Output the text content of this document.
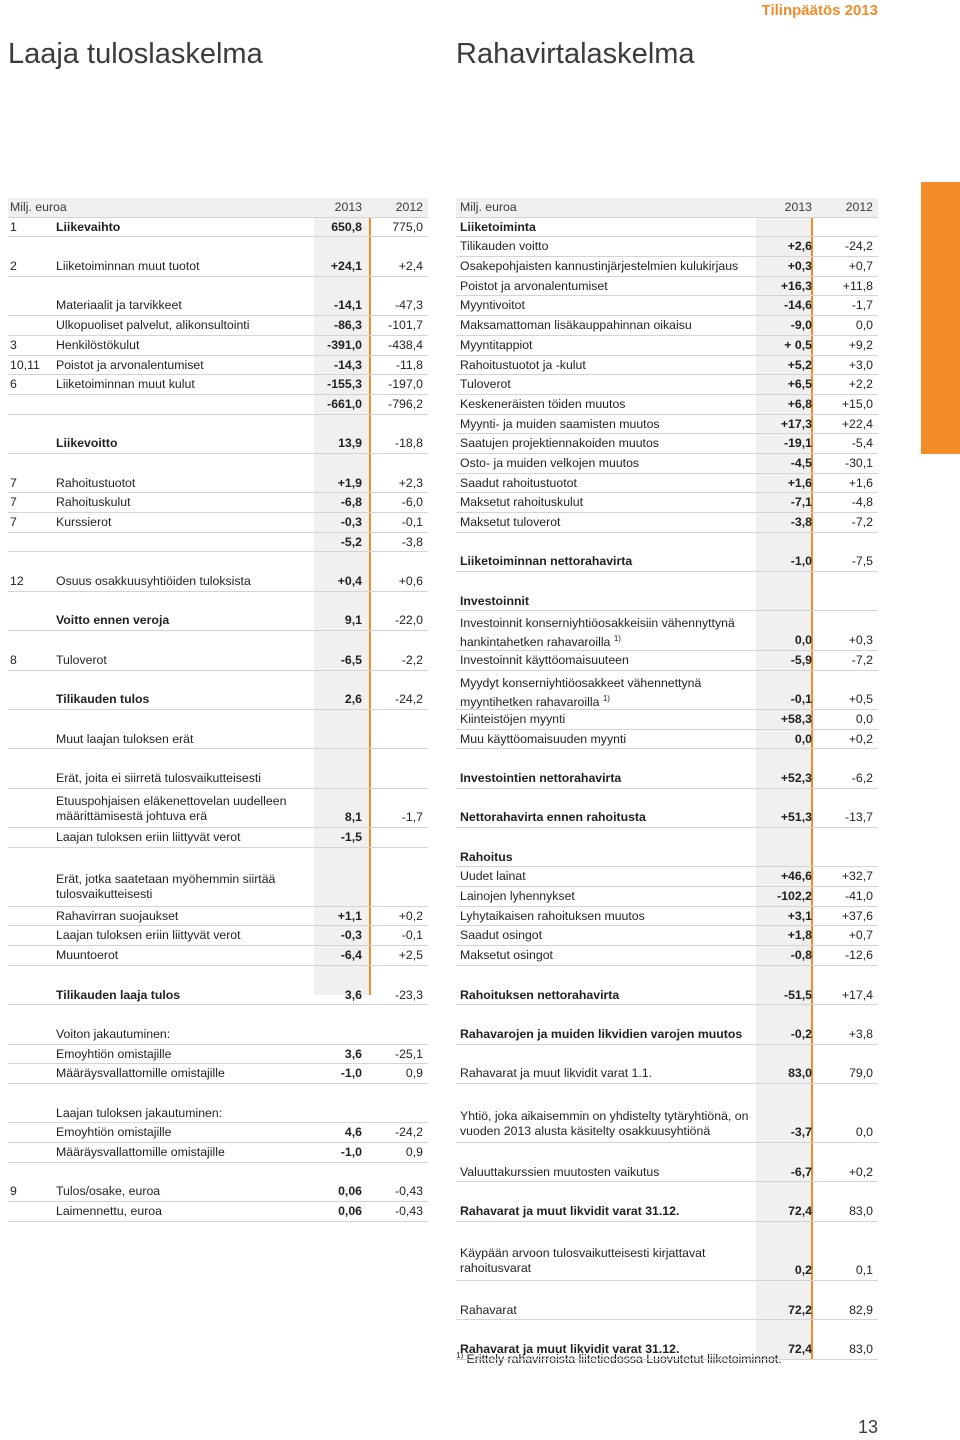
Tilinpäätös 2013
Laaja tuloslaskelma	Rahavirtalaskelma
Milj. euroa	2013	2012
1	Liikevaihto	650,8 775,0
2	Liiketoiminnan muut tuotot	+24,1	+2,4
Materiaalit ja tarvikkeet	-14,1	-47,3
Ulkopuoliset palvelut, alikonsultointi	-86,3 -101,7
3	Henkilöstökulut	-391,0 -438,4
10,11	Poistot ja arvonalentumiset	-14,3	-11,8
6	Liiketoiminnan muut kulut	-155,3 -197,0
-661,0 -796,2
Liikevoitto	13,9	-18,8
7	Rahoitustuotot	+1,9	+2,3
7	Rahoituskulut	-6,8	-6,0
7	Kurssierot	-0,3	-0,1
-5,2	-3,8
12	Osuus osakkuusyhtiöiden tuloksista	+0,4	+0,6
Voitto ennen veroja	9,1	-22,0
8	Tuloverot	-6,5	-2,2
Tilikauden tulos	2,6	-24,2
Muut laajan tuloksen erät
Erät, joita ei siirretä tulosvaikutteisesti
Etuuspohjaisen eläkenettovelan uudelleen määrittämisestä johtuva erä	8,1	-1,7
Laajan tuloksen eriin liittyvät verot	-1,5
Erät, jotka saatetaan myöhemmin siirtää tulosvaikutteisesti
Rahavirran suojaukset	+1,1	+0,2
Laajan tuloksen eriin liittyvät verot	-0,3	-0,1
Muuntoerot	-6,4	+2,5
Tilikauden laaja tulos	3,6	-23,3
Voiton jakautuminen:
Emoyhtiön omistajille	3,6	-25,1
Määräysvallattomille omistajille	-1,0	0,9
Laajan tuloksen jakautuminen:
Emoyhtiön omistajille	4,6	-24,2
Määräysvallattomille omistajille	-1,0	0,9
9	Tulos/osake, euroa	0,06	-0,43
Laimennettu, euroa	0,06	-0,43
Milj. euroa	2013	2012
Liiketoiminta
Tilikauden voitto	+2,6	-24,2
Osakepohjaisten kannustinjärjestelmien kulukirjaus	+0,3	+0,7
Poistot ja arvonalentumiset	+16,3	+11,8
Myyntivoitot	-14,6	-1,7
Maksamattoman lisäkauppahinnan oikaisu	-9,0	0,0
Myyntitappiot	+ 0,5	+9,2
Rahoitustuotot ja -kulut	+5,2	+3,0
Tuloverot	+6,5	+2,2
Keskeneräisten töiden muutos	+6,8 +15,0
Myynti- ja muiden saamisten muutos	+17,3 +22,4
Saatujen projektiennakoiden muutos	-19,1	-5,4
Osto- ja muiden velkojen muutos	-4,5	-30,1
Saadut rahoitustuotot	+1,6	+1,6
Maksetut rahoituskulut	-7,1	-4,8
Maksetut tuloverot	-3,8	-7,2
Liiketoiminnan nettorahavirta	-1,0	-7,5
Investoinnit
Investoinnit konserniyhtiöosakkeisiin vähennyttynä hankintahetken rahavaroilla $^{1)}$	0,0	+0,3
Investoinnit käyttöomaisuuteen	-5,9	-7,2
Myydyt konserniyhtiöosakkeet vähennettynä myyntihetken rahavaroilla $^{1)}$	-0,1	+0,5
Kiinteistöjen myynti	+58,3	0,0
Muu käyttöomaisuuden myynti	0,0	+0,2
Investointien nettorahavirta	+52,3	-6,2
Nettorahavirta ennen rahoitusta	+51,3	-13,7
Rahoitus
Uudet lainat	+46,6 +32,7
Lainojen lyhennykset	-102,2	-41,0
Lyhytaikaisen rahoituksen muutos	+3,1 +37,6
Saadut osingot	+1,8	+0,7
Maksetut osingot	-0,8	-12,6
Rahoituksen nettorahavirta	-51,5 +17,4
Rahavarojen ja muiden likvidien varojen muutos	-0,2	+3,8
Rahavarat ja muut likvidit varat 1.1.	83,0	79,0
Yhtiö, joka aikaisemmin on yhdistelty tytäryhtiönä, on vuoden 2013 alusta käsitelty osakkuusyhtiönä	-3,7	0,0
Valuuttakurssien muutosten vaikutus	-6,7	+0,2
Rahavarat ja muut likvidit varat 31.12.	72,4	83,0
Käypään arvoon tulosvaikutteisesti kirjattavat rahoitusvarat	0,2	0,1
Rahavarat	72,2	82,9
Rahavarat ja muut likvidit varat 31.12.	72,4	83,0
$^{1)}$ Erittely rahavirroista liitetiedossa Luovutetut liiketoiminnot.
13
